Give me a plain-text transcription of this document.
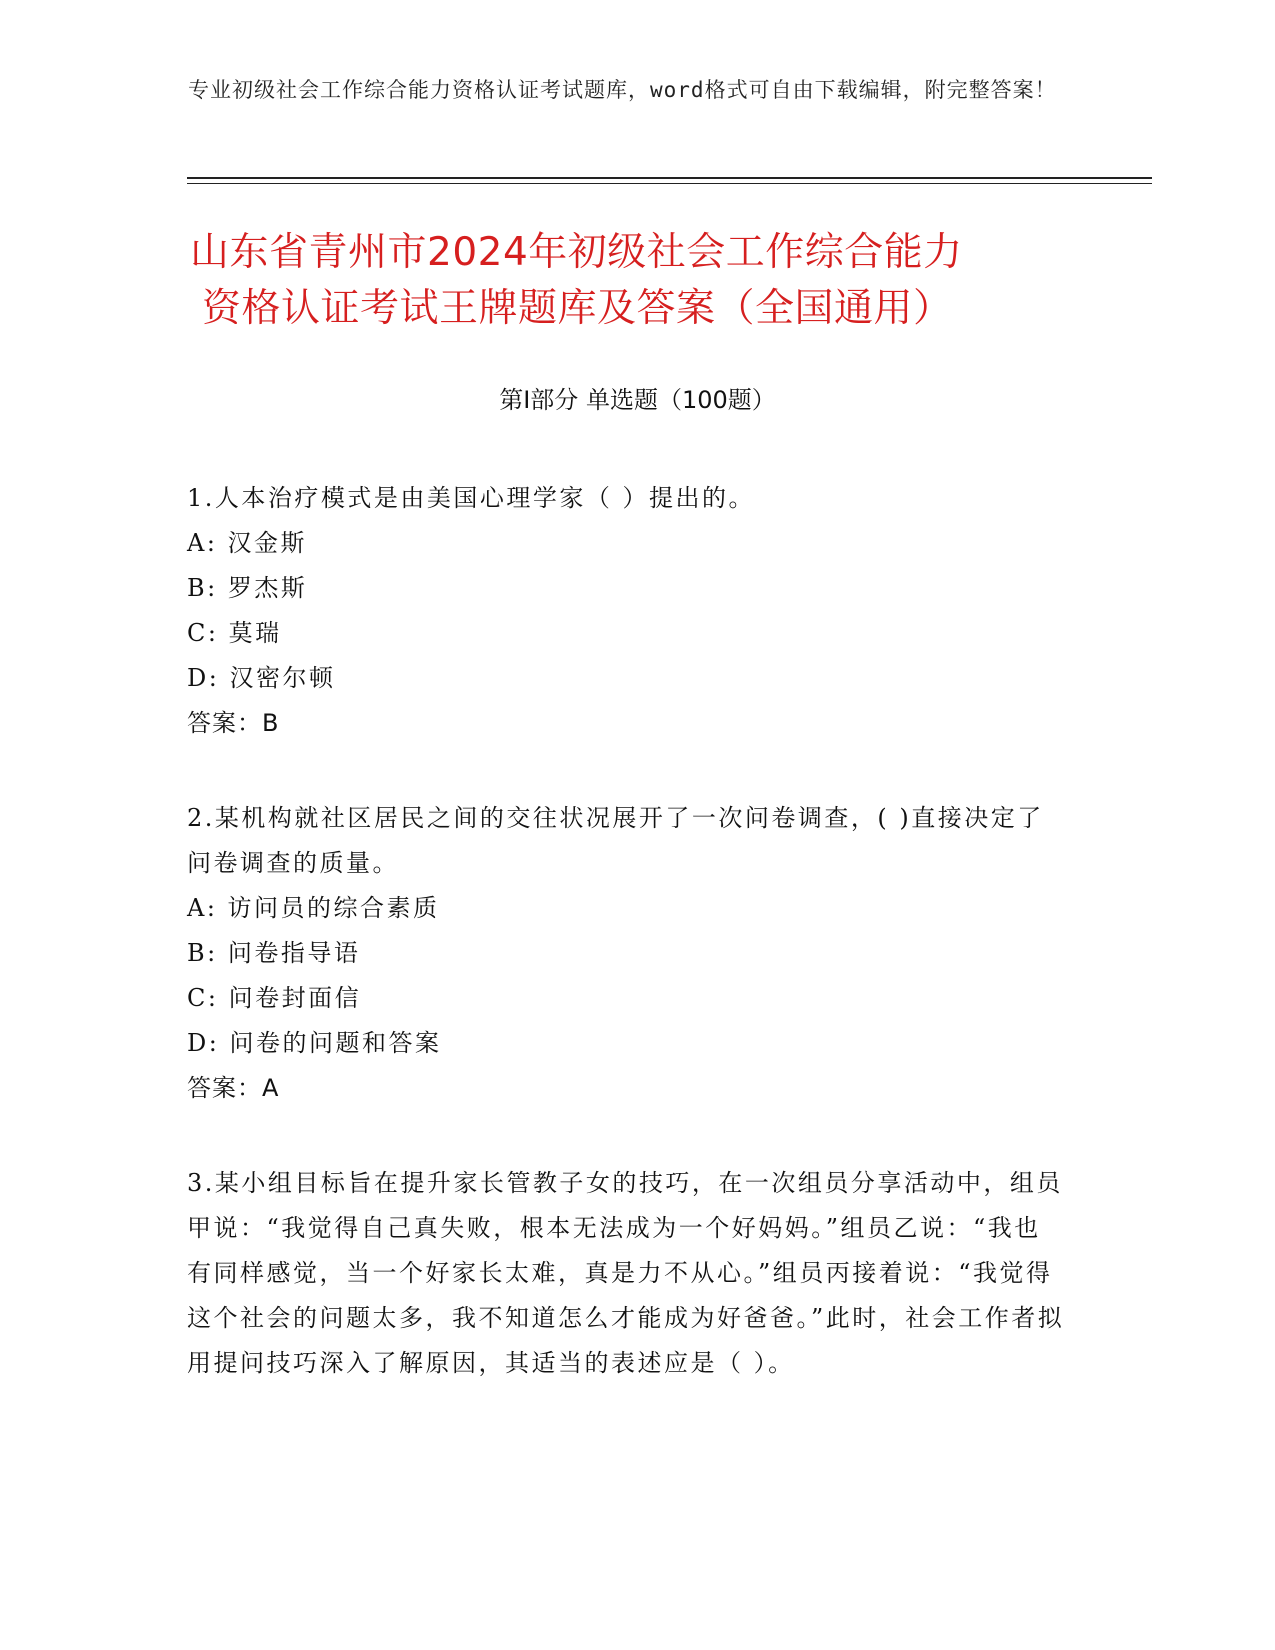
专业初级社会工作综合能力资格认证考试题库，word格式可自由下载编辑，附完整答案！
山东省青州市2024年初级社会工作综合能力
资格认证考试王牌题库及答案（全国通用）
第Ⅰ部分 单选题（100题）
1.人本治疗模式是由美国心理学家（ ）提出的。
A: 汉金斯
B: 罗杰斯
C: 莫瑞
D: 汉密尔顿
答案：B
2.某机构就社区居民之间的交往状况展开了一次问卷调查，( )直接决定了问卷调查的质量。
A: 访问员的综合素质
B: 问卷指导语
C: 问卷封面信
D: 问卷的问题和答案
答案：A
3.某小组目标旨在提升家长管教子女的技巧，在一次组员分享活动中，组员甲说：“我觉得自己真失败，根本无法成为一个好妈妈。”组员乙说：“我也有同样感觉，当一个好家长太难，真是力不从心。”组员丙接着说：“我觉得这个社会的问题太多，我不知道怎么才能成为好爸爸。”此时，社会工作者拟用提问技巧深入了解原因，其适当的表述应是（ ）。
